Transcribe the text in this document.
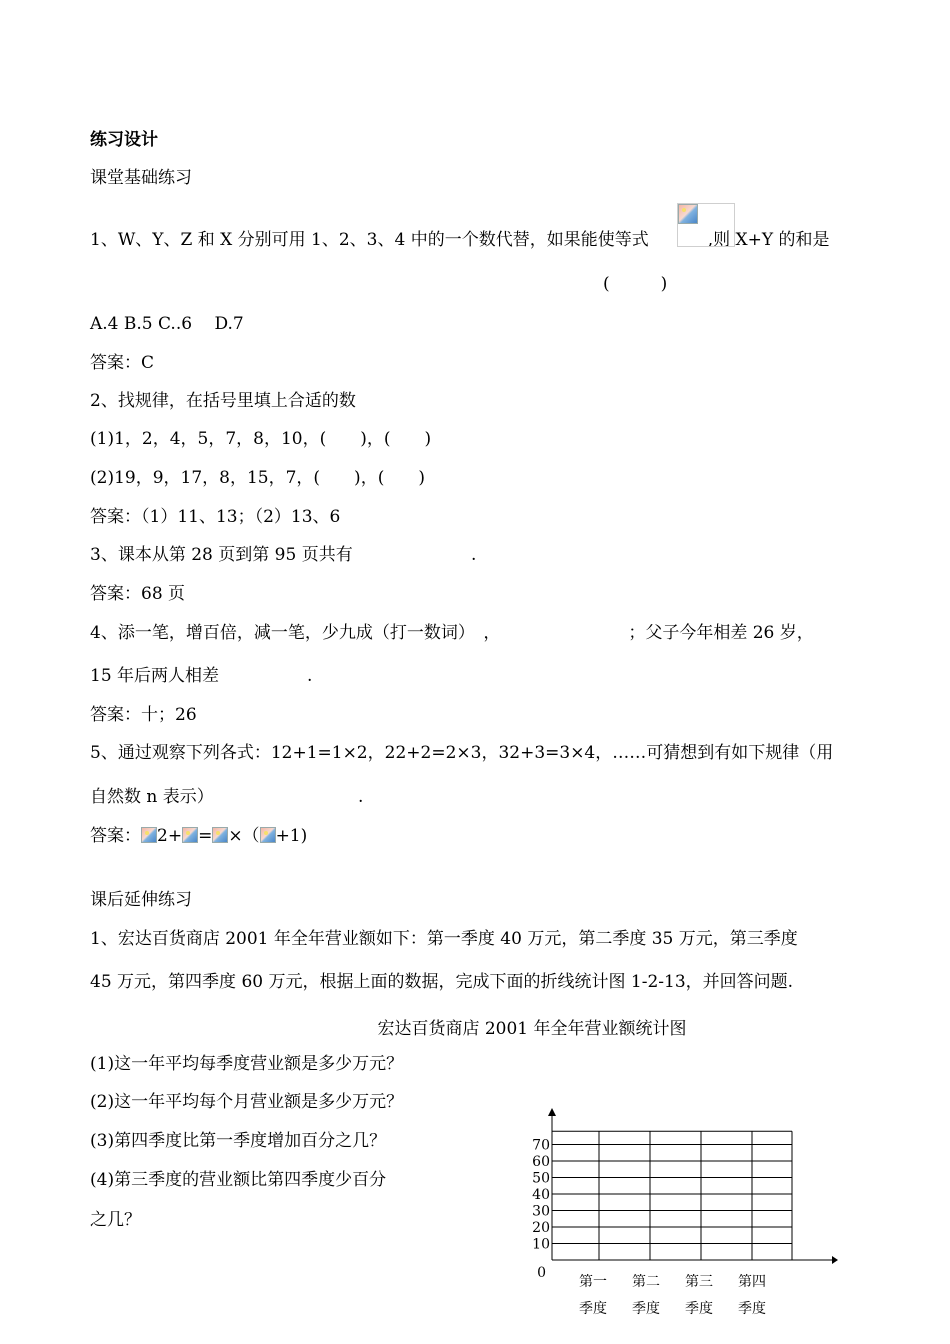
练习设计
课堂基础练习
1、W、Y、Z 和 X 分别可用 1、2、3、4 中的一个数代替，如果能使等式	,则 X+Y 的和是
(　　　)
A.4 B.5 C..6 　D.7
答案：C
2、找规律，在括号里填上合适的数
(1)1，2，4，5，7，8，10，(　　)，(　　)
(2)19，9，17，8，15，7，(　　)，(　　)
答案：（1）11、13；（2）13、6
3、课本从第 28 页到第 95 页共有	.
答案：68 页
4、添一笔，增百倍，减一笔，少九成（打一数词）　，	；父子今年相差 26 岁，
15 年后两人相差	.
答案：十；26
5、通过观察下列各式：12+1=1×2，22+2=2×3，32+3=3×4，……可猜想到有如下规律（用
自然数 n 表示）	.
答案： 2+ = ×（ +1)
课后延伸练习
1、宏达百货商店 2001 年全年营业额如下：第一季度 40 万元，第二季度 35 万元，第三季度
45 万元，第四季度 60 万元，根据上面的数据，完成下面的折线统计图 1-2-13，并回答问题.
宏达百货商店 2001 年全年营业额统计图
(1)这一年平均每季度营业额是多少万元？
(2)这一年平均每个月营业额是多少万元？
(3)第四季度比第一季度增加百分之几？
(4)第三季度的营业额比第四季度少百分
之几？
0
10
20
30
40
50
60
70
第一
季度
第二
季度
第三
季度
第四
季度
